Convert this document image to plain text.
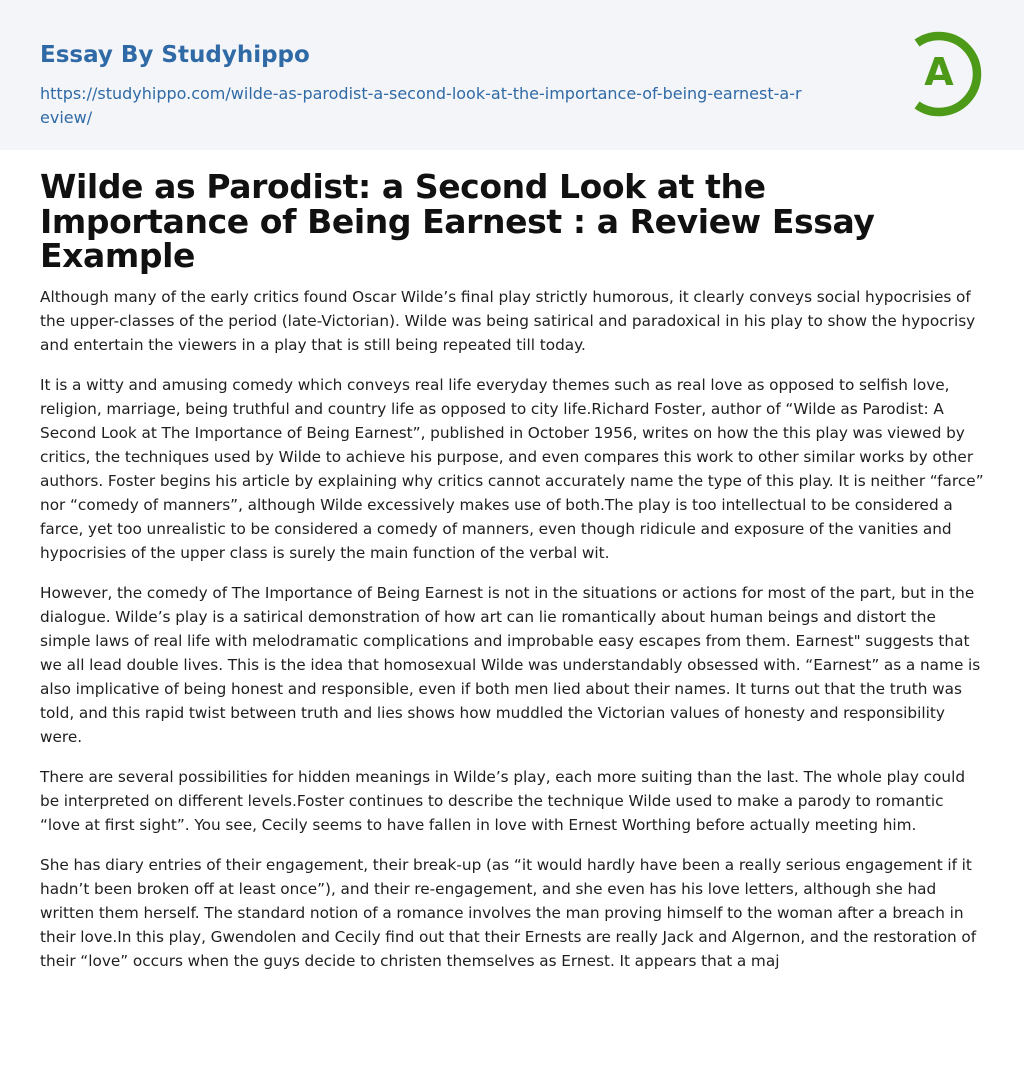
Essay By Studyhippo
https://studyhippo.com/wilde-as-parodist-a-second-look-at-the-importance-of-being-earnest-a-review/
A
Wilde as Parodist: a Second Look at the Importance of Being Earnest : a Review Essay Example

Although many of the early critics found Oscar Wilde’s final play strictly humorous, it clearly conveys social hypocrisies of the upper-classes of the period (late-Victorian). Wilde was being satirical and paradoxical in his play to show the hypocrisy and entertain the viewers in a play that is still being repeated till today.

It is a witty and amusing comedy which conveys real life everyday themes such as real love as opposed to selfish love, religion, marriage, being truthful and country life as opposed to city life.Richard Foster, author of “Wilde as Parodist: A Second Look at The Importance of Being Earnest”, published in October 1956, writes on how the this play was viewed by critics, the techniques used by Wilde to achieve his purpose, and even compares this work to other similar works by other authors. Foster begins his article by explaining why critics cannot accurately name the type of this play. It is neither “farce” nor “comedy of manners”, although Wilde excessively makes use of both.The play is too intellectual to be considered a farce, yet too unrealistic to be considered a comedy of manners, even though ridicule and exposure of the vanities and hypocrisies of the upper class is surely the main function of the verbal wit.

However, the comedy of The Importance of Being Earnest is not in the situations or actions for most of the part, but in the dialogue. Wilde’s play is a satirical demonstration of how art can lie romantically about human beings and distort the simple laws of real life with melodramatic complications and improbable easy escapes from them. Earnest" suggests that we all lead double lives. This is the idea that homosexual Wilde was understandably obsessed with. “Earnest” as a name is also implicative of being honest and responsible, even if both men lied about their names. It turns out that the truth was told, and this rapid twist between truth and lies shows how muddled the Victorian values of honesty and responsibility were.

There are several possibilities for hidden meanings in Wilde’s play, each more suiting than the last. The whole play could be interpreted on different levels.Foster continues to describe the technique Wilde used to make a parody to romantic “love at first sight”. You see, Cecily seems to have fallen in love with Ernest Worthing before actually meeting him.

She has diary entries of their engagement, their break-up (as “it would hardly have been a really serious engagement if it hadn’t been broken off at least once”), and their re-engagement, and she even has his love letters, although she had written them herself. The standard notion of a romance involves the man proving himself to the woman after a breach in their love.In this play, Gwendolen and Cecily find out that their Ernests are really Jack and Algernon, and the restoration of their “love” occurs when the guys decide to christen themselves as Ernest. It appears that a maj
